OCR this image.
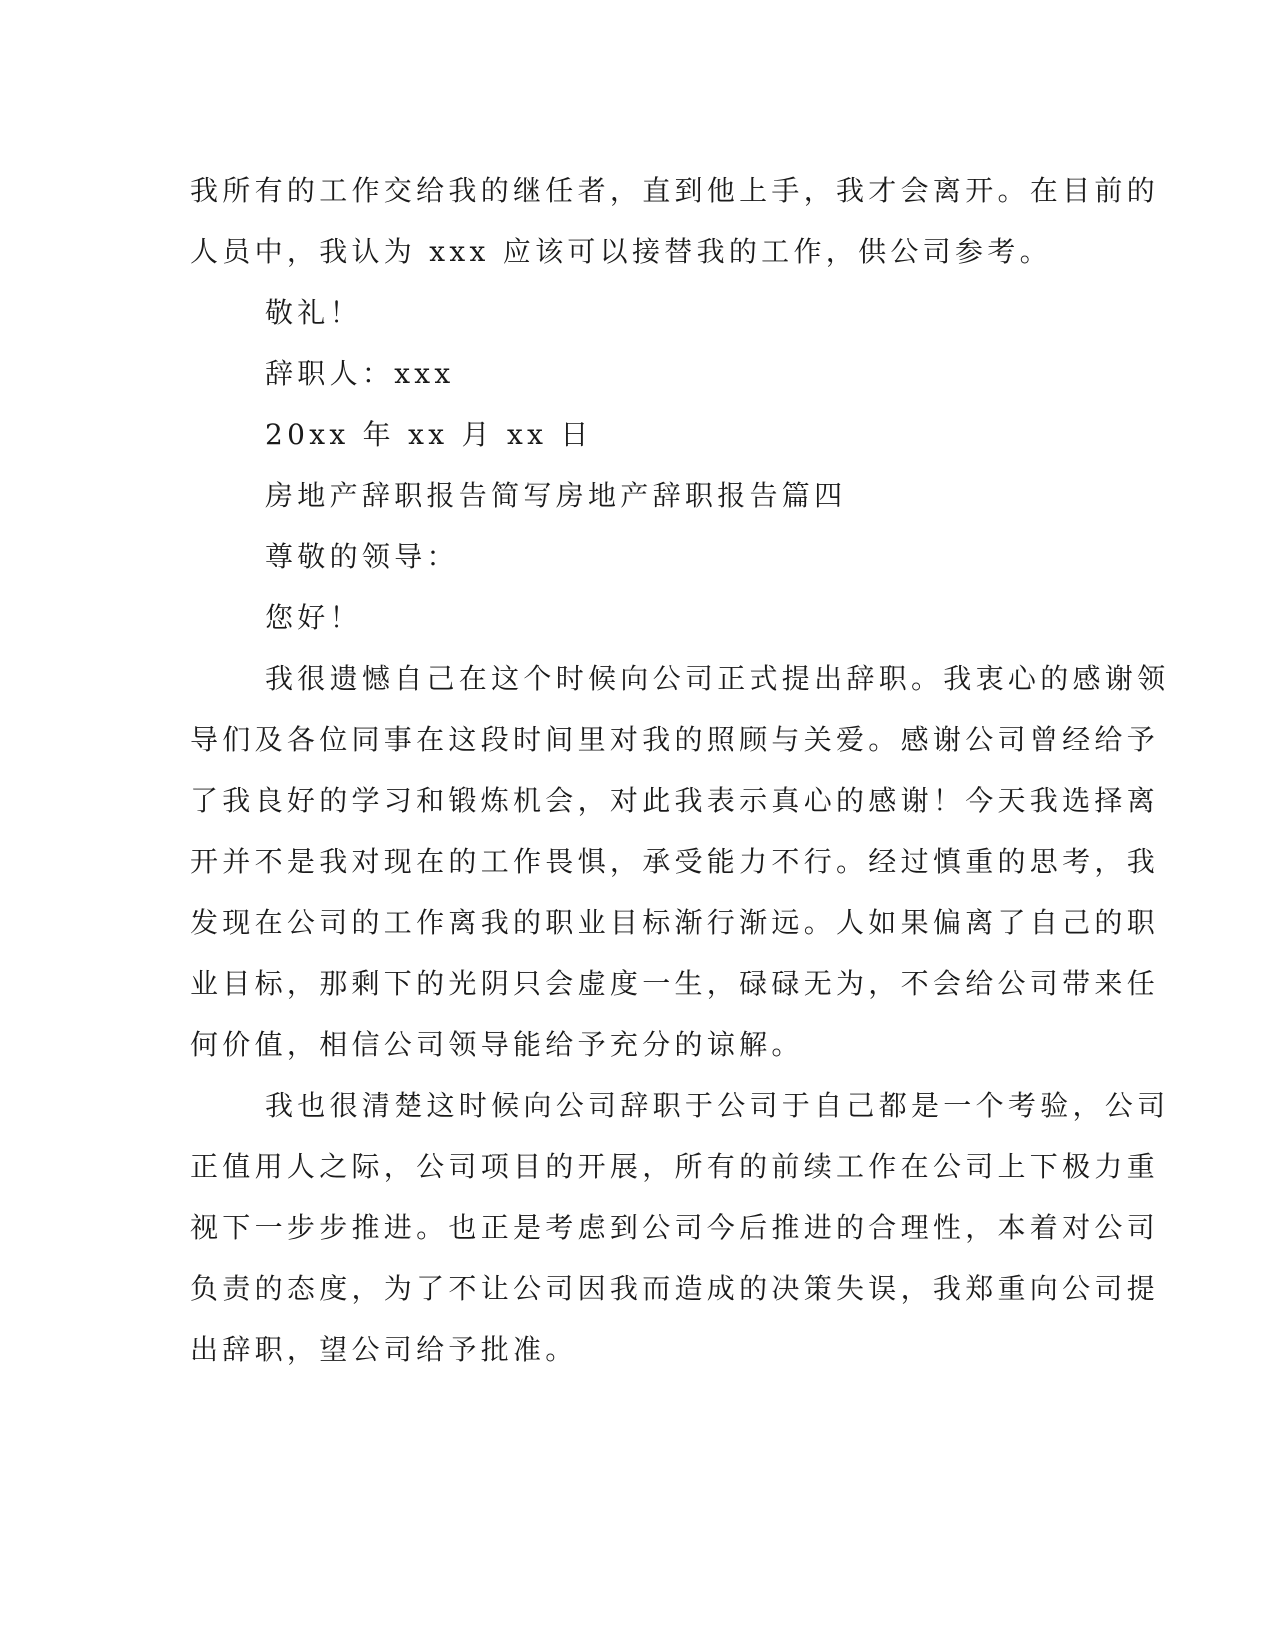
我所有的工作交给我的继任者，直到他上手，我才会离开。在目前的
人员中，我认为 xxx 应该可以接替我的工作，供公司参考。
敬礼！
辞职人：xxx
20xx 年 xx 月 xx 日
房地产辞职报告简写房地产辞职报告篇四
尊敬的领导：
您好！
我很遗憾自己在这个时候向公司正式提出辞职。我衷心的感谢领
导们及各位同事在这段时间里对我的照顾与关爱。感谢公司曾经给予
了我良好的学习和锻炼机会，对此我表示真心的感谢！今天我选择离
开并不是我对现在的工作畏惧，承受能力不行。经过慎重的思考，我
发现在公司的工作离我的职业目标渐行渐远。人如果偏离了自己的职
业目标，那剩下的光阴只会虚度一生，碌碌无为，不会给公司带来任
何价值，相信公司领导能给予充分的谅解。
我也很清楚这时候向公司辞职于公司于自己都是一个考验，公司
正值用人之际，公司项目的开展，所有的前续工作在公司上下极力重
视下一步步推进。也正是考虑到公司今后推进的合理性，本着对公司
负责的态度，为了不让公司因我而造成的决策失误，我郑重向公司提
出辞职，望公司给予批准。
